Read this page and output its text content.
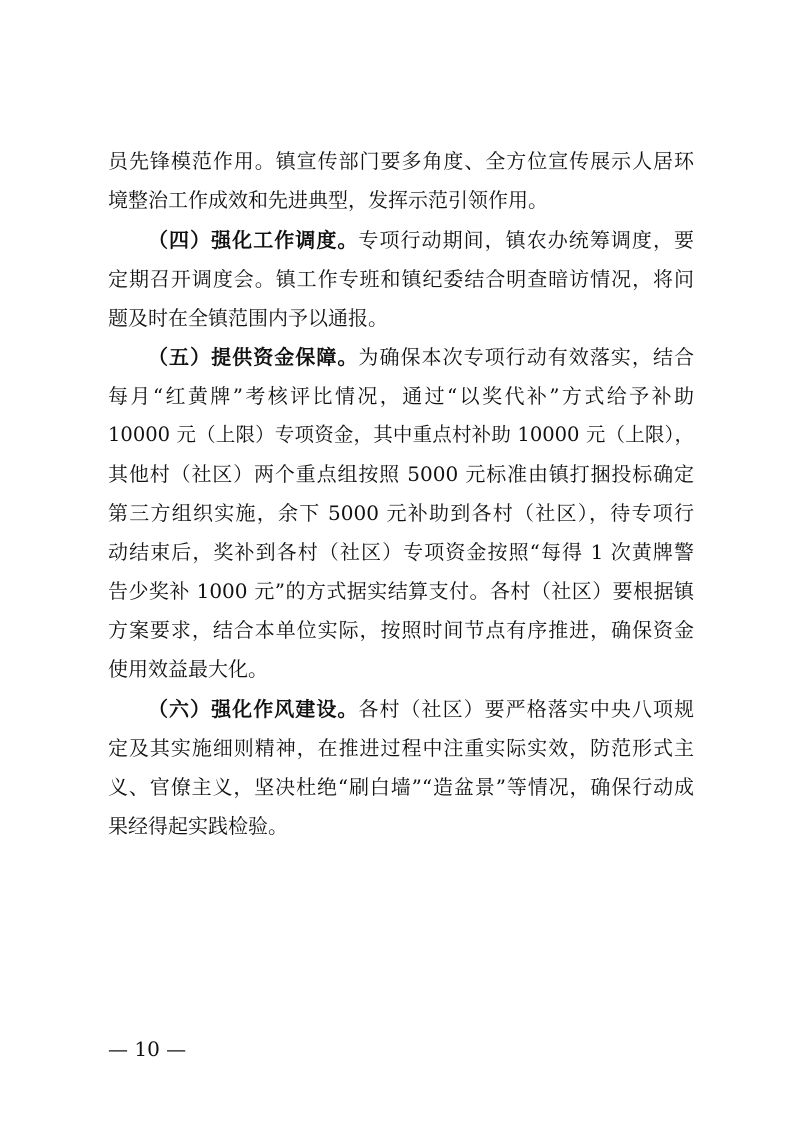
员先锋模范作用。镇宣传部门要多角度、全方位宣传展示人居环
境整治工作成效和先进典型，发挥示范引领作用。
（四）强化工作调度。专项行动期间，镇农办统筹调度，要
定期召开调度会。镇工作专班和镇纪委结合明查暗访情况，将问
题及时在全镇范围内予以通报。
（五）提供资金保障。为确保本次专项行动有效落实，结合
每月“红黄牌”考核评比情况，通过“以奖代补”方式给予补助
10000 元（上限）专项资金，其中重点村补助 10000 元（上限），
其他村（社区）两个重点组按照 5000 元标准由镇打捆投标确定
第三方组织实施，余下 5000 元补助到各村（社区），待专项行
动结束后，奖补到各村（社区）专项资金按照“每得 1 次黄牌警
告少奖补 1000 元”的方式据实结算支付。各村（社区）要根据镇
方案要求，结合本单位实际，按照时间节点有序推进，确保资金
使用效益最大化。
（六）强化作风建设。各村（社区）要严格落实中央八项规
定及其实施细则精神，在推进过程中注重实际实效，防范形式主
义、官僚主义，坚决杜绝“刷白墙”“造盆景”等情况，确保行动成
果经得起实践检验。
— 10 —
